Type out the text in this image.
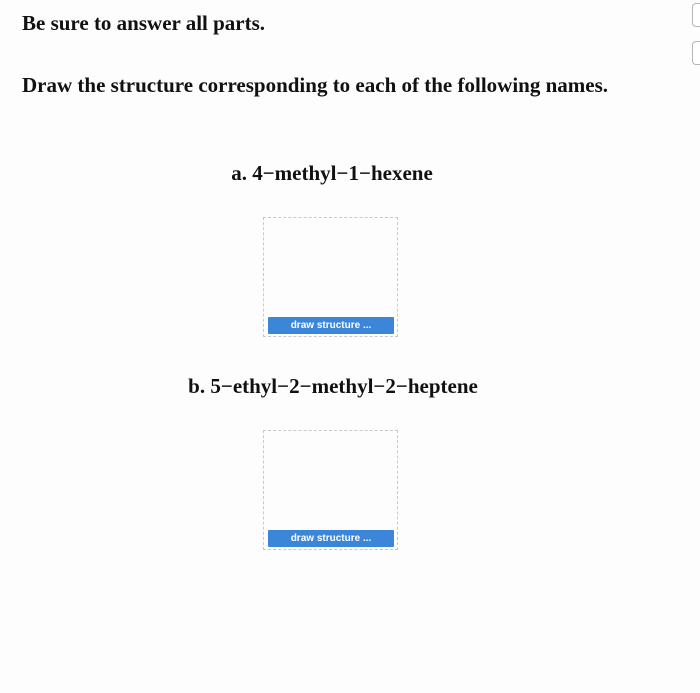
Be sure to answer all parts.

Draw the structure corresponding to each of the following names.

a. 4−methyl−1−hexene
draw structure ...
b. 5−ethyl−2−methyl−2−heptene
draw structure ...
